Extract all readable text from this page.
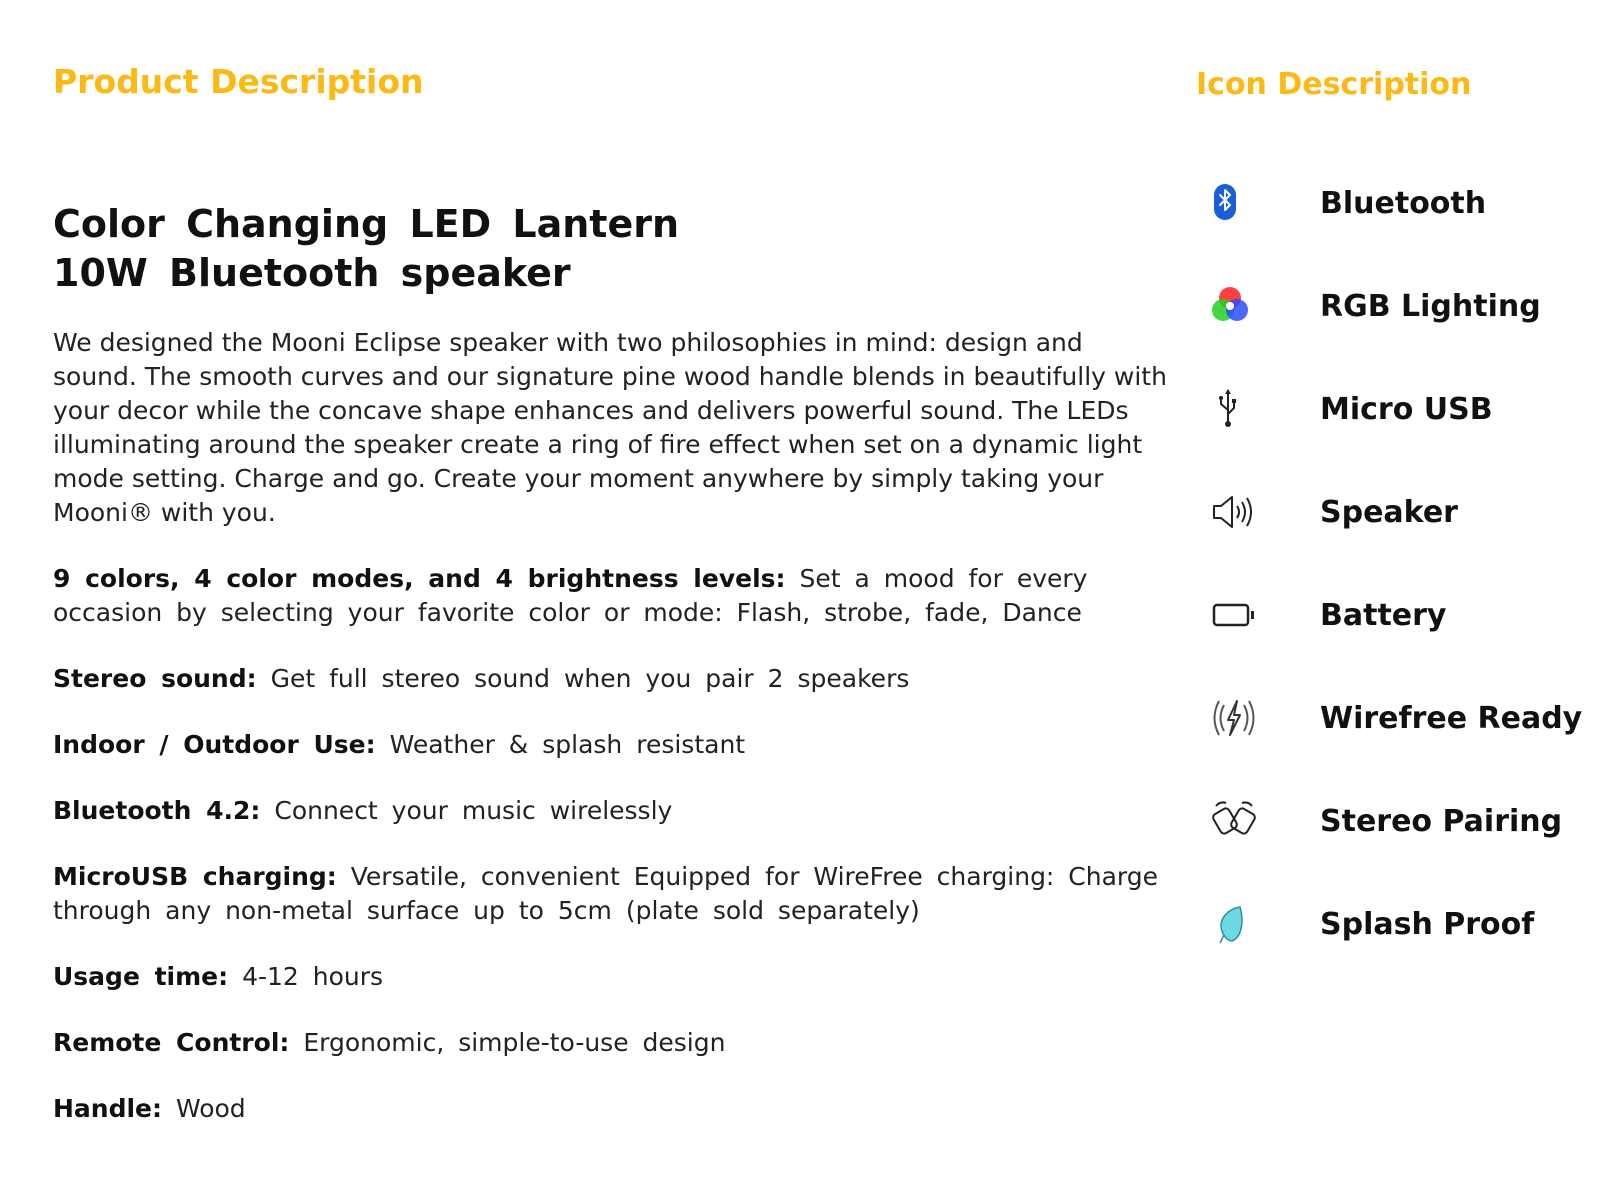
Product Description	Icon Description
Color Changing LED Lantern
10W Bluetooth speaker

We designed the Mooni Eclipse speaker with two philosophies in mind: design and sound. The smooth curves and our signature pine wood handle blends in beautifully with your decor while the concave shape enhances and delivers powerful sound. The LEDs illuminating around the speaker create a ring of fire effect when set on a dynamic light mode setting. Charge and go. Create your moment anywhere by simply taking your Mooni® with you.

9 colors, 4 color modes, and 4 brightness levels: Set a mood for every occasion by selecting your favorite color or mode: Flash, strobe, fade, Dance

Stereo sound: Get full stereo sound when you pair 2 speakers

Indoor / Outdoor Use: Weather & splash resistant

Bluetooth 4.2: Connect your music wirelessly

MicroUSB charging: Versatile, convenient Equipped for WireFree charging: Charge through any non-metal surface up to 5cm (plate sold separately)

Usage time: 4-12 hours

Remote Control: Ergonomic, simple-to-use design

Handle: Wood

Bluetooth
RGB Lighting
Micro USB
Speaker
Battery
Wirefree Ready
Stereo Pairing
Splash Proof
